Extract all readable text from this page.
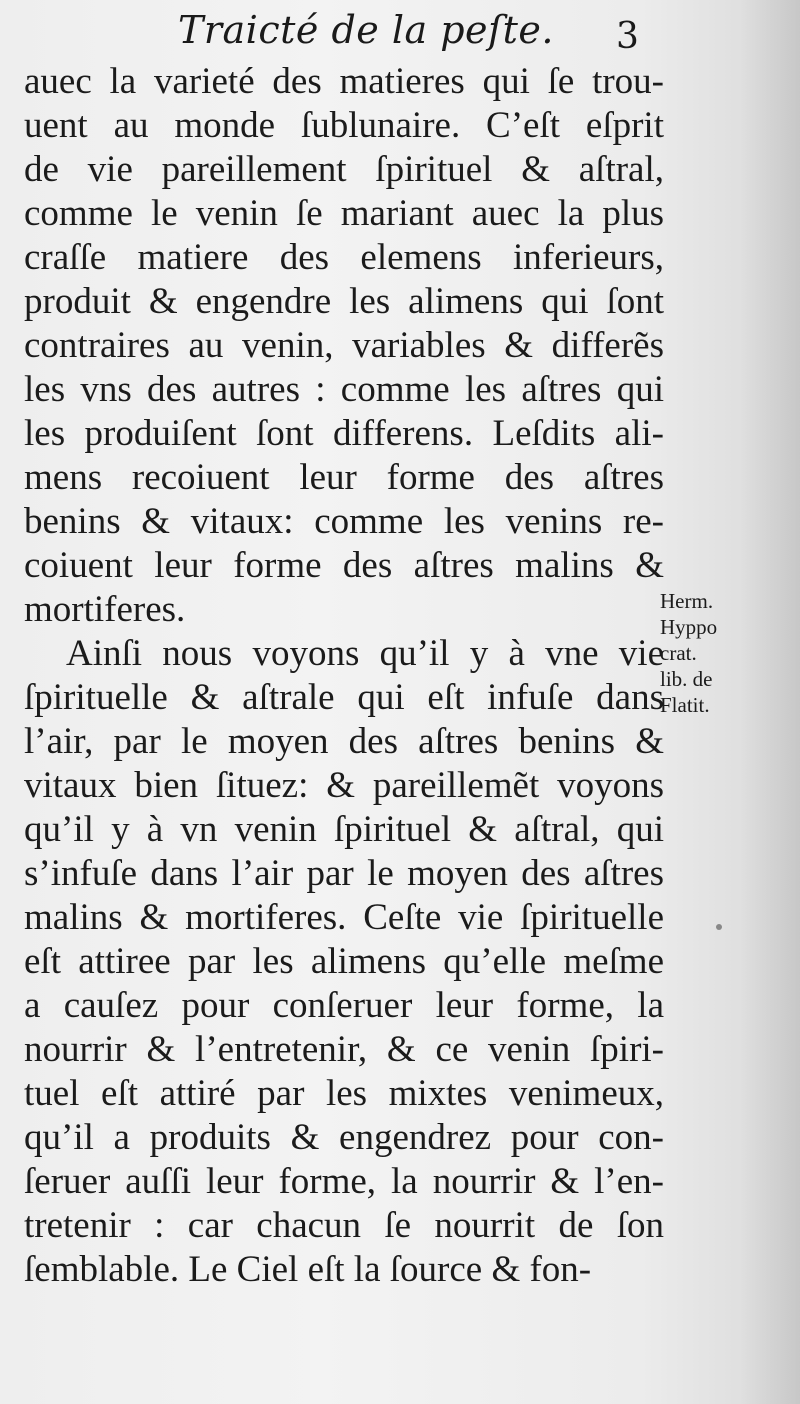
Traicté de la peſte. 3
auec la varieté des matieres qui ſe trou-
uent au monde ſublunaire. C’eſt eſprit
de vie pareillement ſpirituel & aſtral,
comme le venin ſe mariant auec la plus
craſſe matiere des elemens inferieurs,
produit & engendre les alimens qui ſont
contraires au venin, variables & differẽs
les vns des autres : comme les aſtres qui
les produiſent ſont differens. Leſdits ali-
mens recoiuent leur forme des aſtres
benins & vitaux: comme les venins re-
coiuent leur forme des aſtres malins &
mortiferes.
Ainſi nous voyons qu’il y à vne vie
ſpirituelle & aſtrale qui eſt infuſe dans
l’air, par le moyen des aſtres benins &
vitaux bien ſituez: & pareillemẽt voyons
qu’il y à vn venin ſpirituel & aſtral, qui
s’infuſe dans l’air par le moyen des aſtres
malins & mortiferes. Ceſte vie ſpirituelle
eſt attiree par les alimens qu’elle meſme
a cauſez pour conſeruer leur forme, la
nourrir & l’entretenir, & ce venin ſpiri-
tuel eſt attiré par les mixtes venimeux,
qu’il a produits & engendrez pour con-
ſeruer auſſi leur forme, la nourrir & l’en-
tretenir : car chacun ſe nourrit de ſon
ſemblable. Le Ciel eſt la ſource & fon-
Herm.
Hyppo
crat.
lib. de
Flatit.
